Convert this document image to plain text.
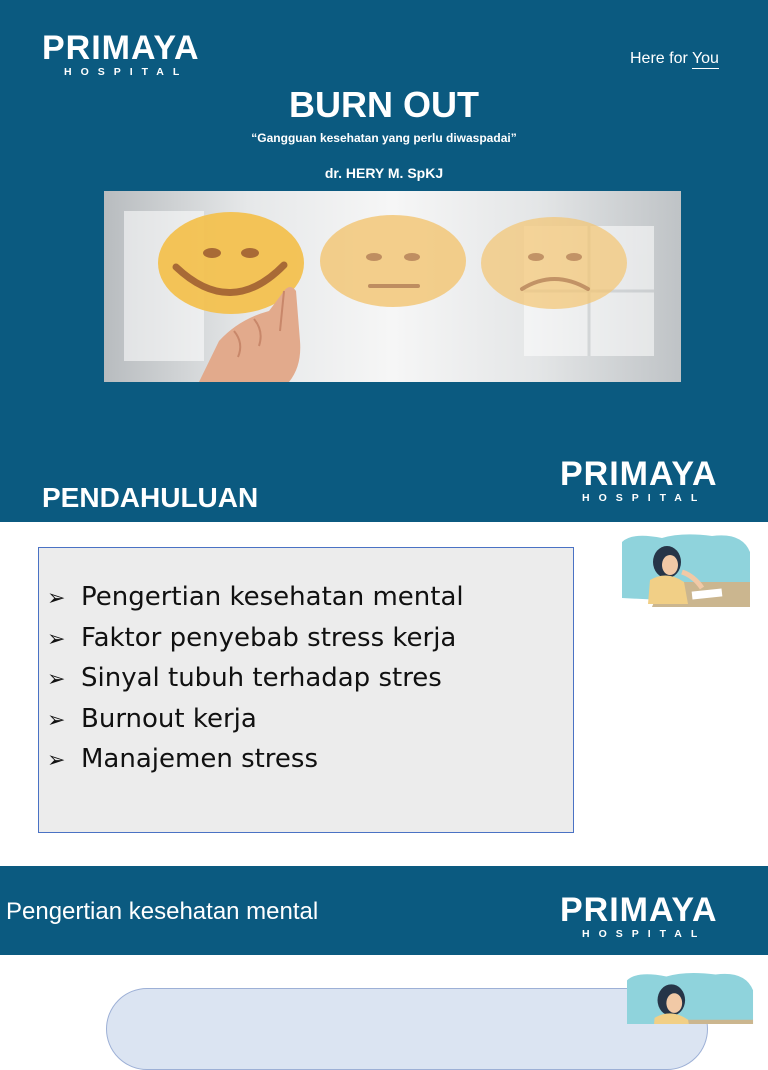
PRIMAYA
HOSPITAL
Here for You
BURN OUT
“Gangguan kesehatan yang perlu diwaspadai”
dr. HERY M. SpKJ
PENDAHULUAN
PRIMAYA
HOSPITAL
➢ Pengertian kesehatan mental
➢ Faktor penyebab stress kerja
➢ Sinyal tubuh terhadap stres
➢ Burnout kerja
➢ Manajemen stress
Pengertian kesehatan mental	PRIMAYA
HOSPITAL
